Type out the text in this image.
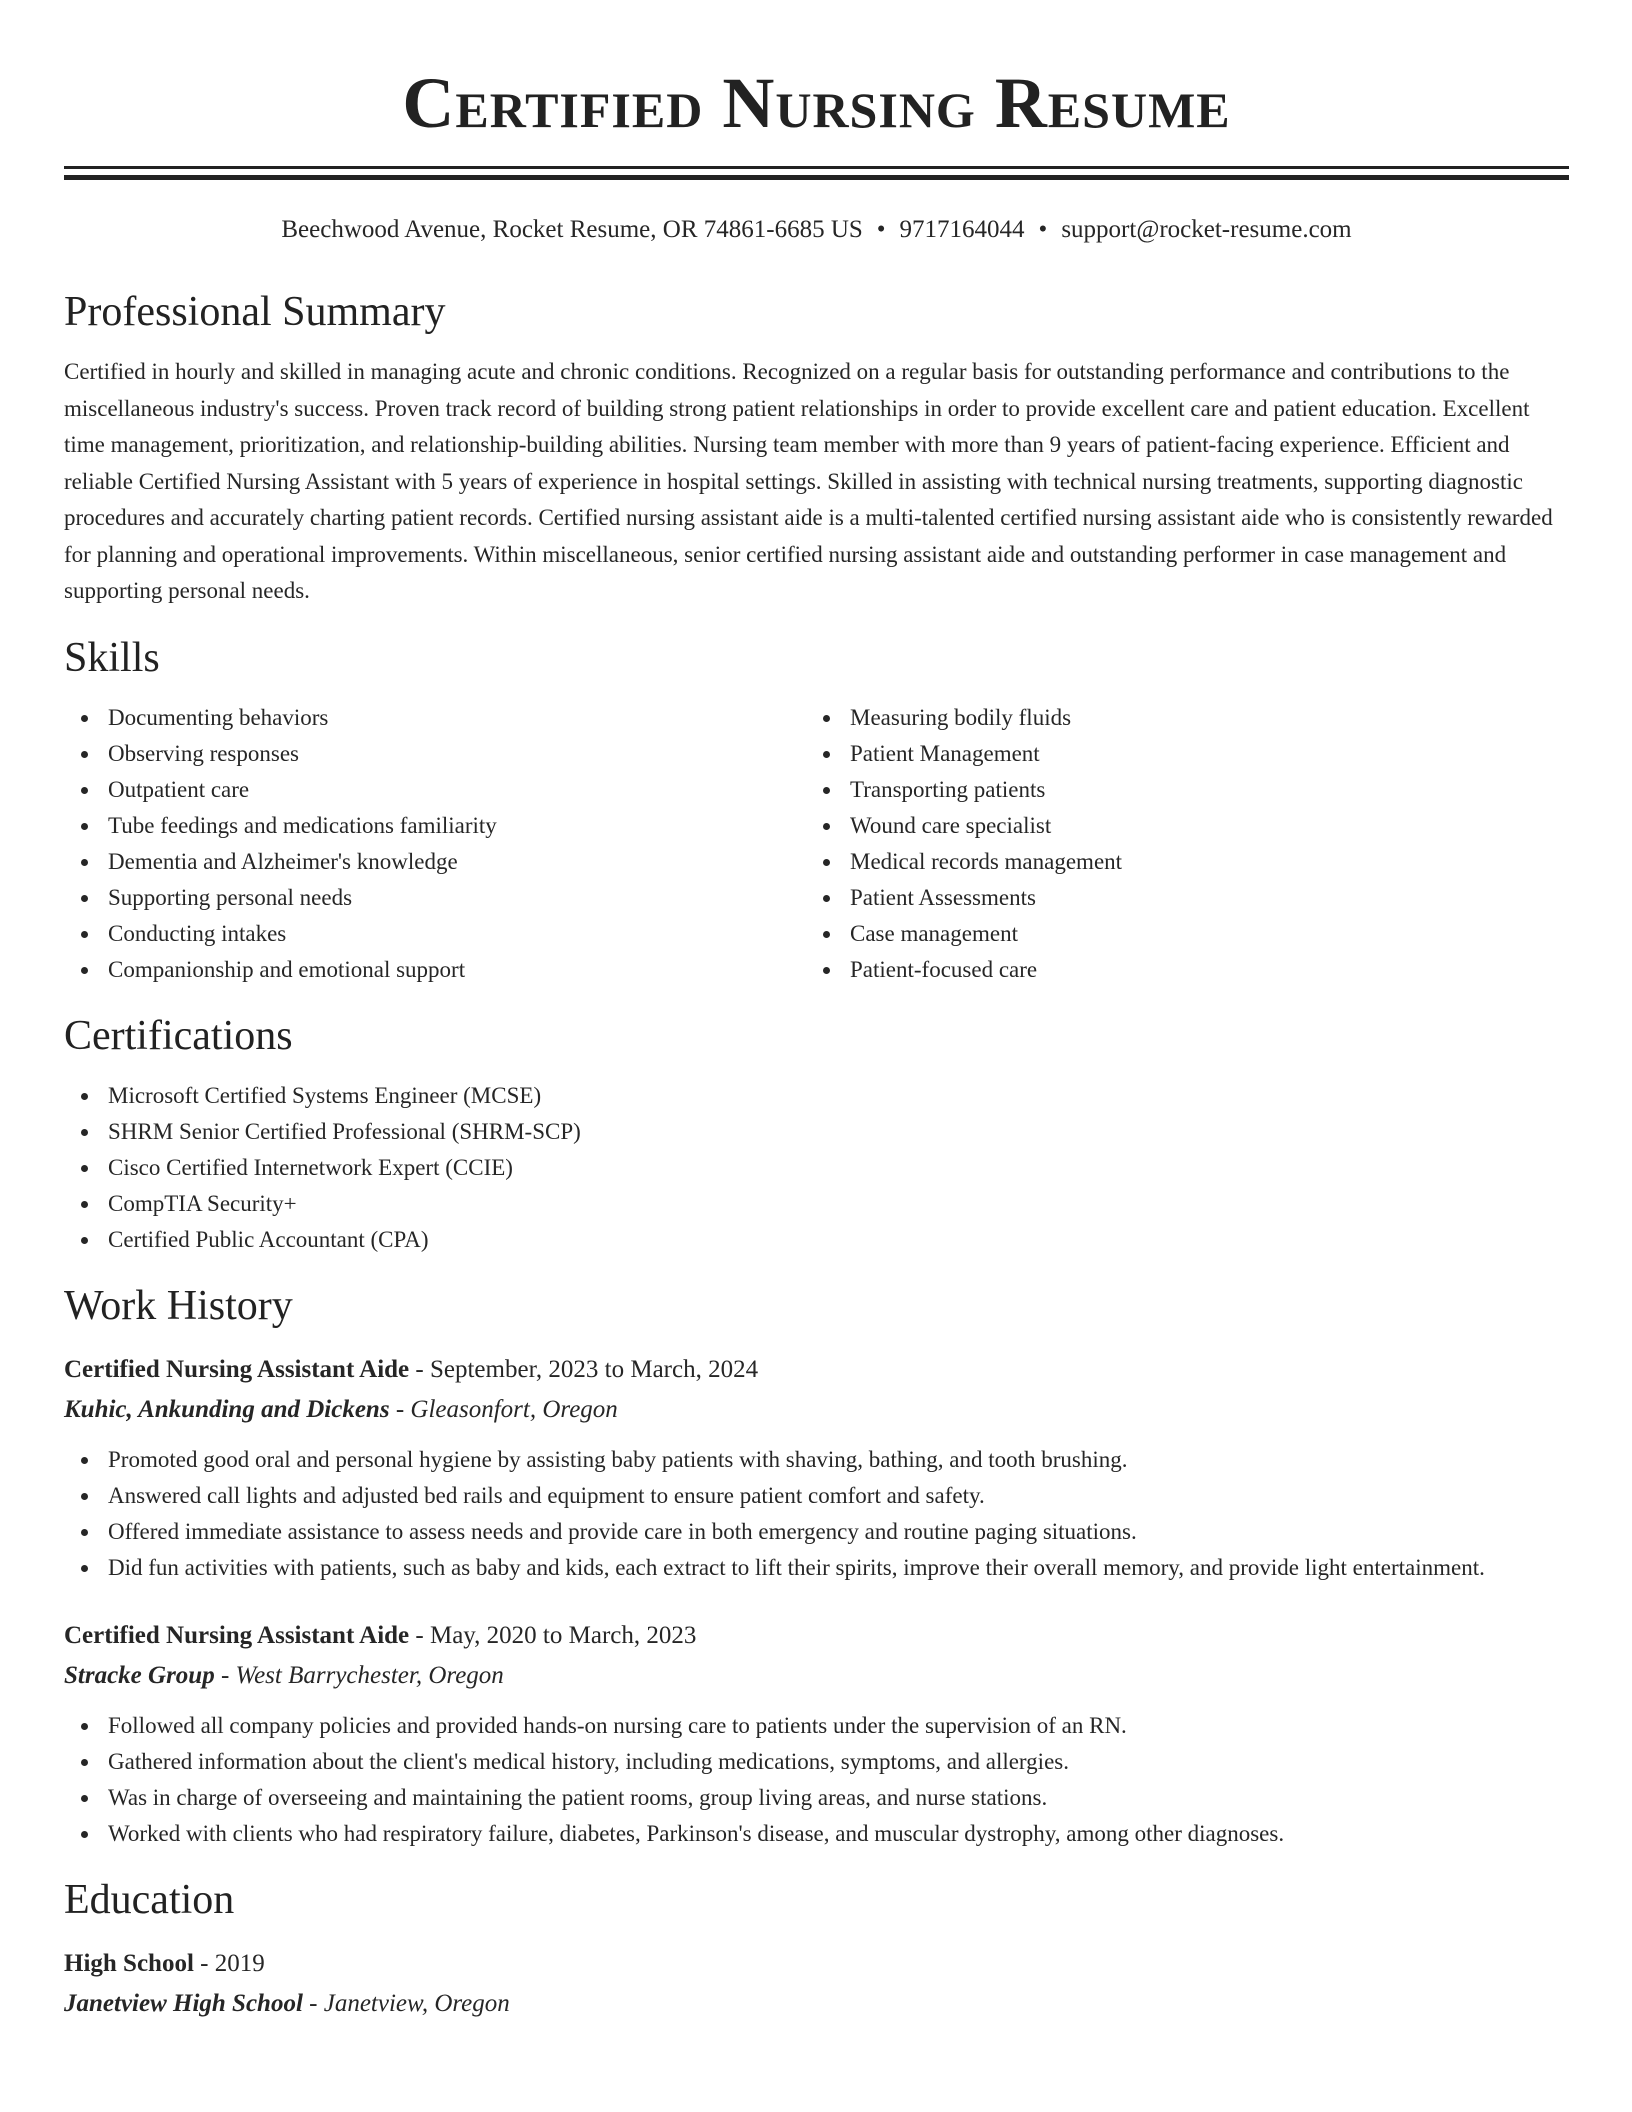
Certified Nursing Resume
Beechwood Avenue, Rocket Resume, OR 74861-6685 US • 9717164044 • support@rocket-resume.com
Professional Summary
Certified in hourly and skilled in managing acute and chronic conditions. Recognized on a regular basis for outstanding performance and contributions to the miscellaneous industry's success. Proven track record of building strong patient relationships in order to provide excellent care and patient education. Excellent time management, prioritization, and relationship-building abilities. Nursing team member with more than 9 years of patient-facing experience. Efficient and reliable Certified Nursing Assistant with 5 years of experience in hospital settings. Skilled in assisting with technical nursing treatments, supporting diagnostic procedures and accurately charting patient records. Certified nursing assistant aide is a multi-talented certified nursing assistant aide who is consistently rewarded for planning and operational improvements. Within miscellaneous, senior certified nursing assistant aide and outstanding performer in case management and supporting personal needs.
Skills
Documenting behaviors
Observing responses
Outpatient care
Tube feedings and medications familiarity
Dementia and Alzheimer's knowledge
Supporting personal needs
Conducting intakes
Companionship and emotional support
Measuring bodily fluids
Patient Management
Transporting patients
Wound care specialist
Medical records management
Patient Assessments
Case management
Patient-focused care
Certifications
Microsoft Certified Systems Engineer (MCSE)
SHRM Senior Certified Professional (SHRM-SCP)
Cisco Certified Internetwork Expert (CCIE)
CompTIA Security+
Certified Public Accountant (CPA)
Work History
Certified Nursing Assistant Aide - September, 2023 to March, 2024
Kuhic, Ankunding and Dickens - Gleasonfort, Oregon
Promoted good oral and personal hygiene by assisting baby patients with shaving, bathing, and tooth brushing.
Answered call lights and adjusted bed rails and equipment to ensure patient comfort and safety.
Offered immediate assistance to assess needs and provide care in both emergency and routine paging situations.
Did fun activities with patients, such as baby and kids, each extract to lift their spirits, improve their overall memory, and provide light entertainment.
Certified Nursing Assistant Aide - May, 2020 to March, 2023
Stracke Group - West Barrychester, Oregon
Followed all company policies and provided hands-on nursing care to patients under the supervision of an RN.
Gathered information about the client's medical history, including medications, symptoms, and allergies.
Was in charge of overseeing and maintaining the patient rooms, group living areas, and nurse stations.
Worked with clients who had respiratory failure, diabetes, Parkinson's disease, and muscular dystrophy, among other diagnoses.
Education
High School - 2019
Janetview High School - Janetview, Oregon
